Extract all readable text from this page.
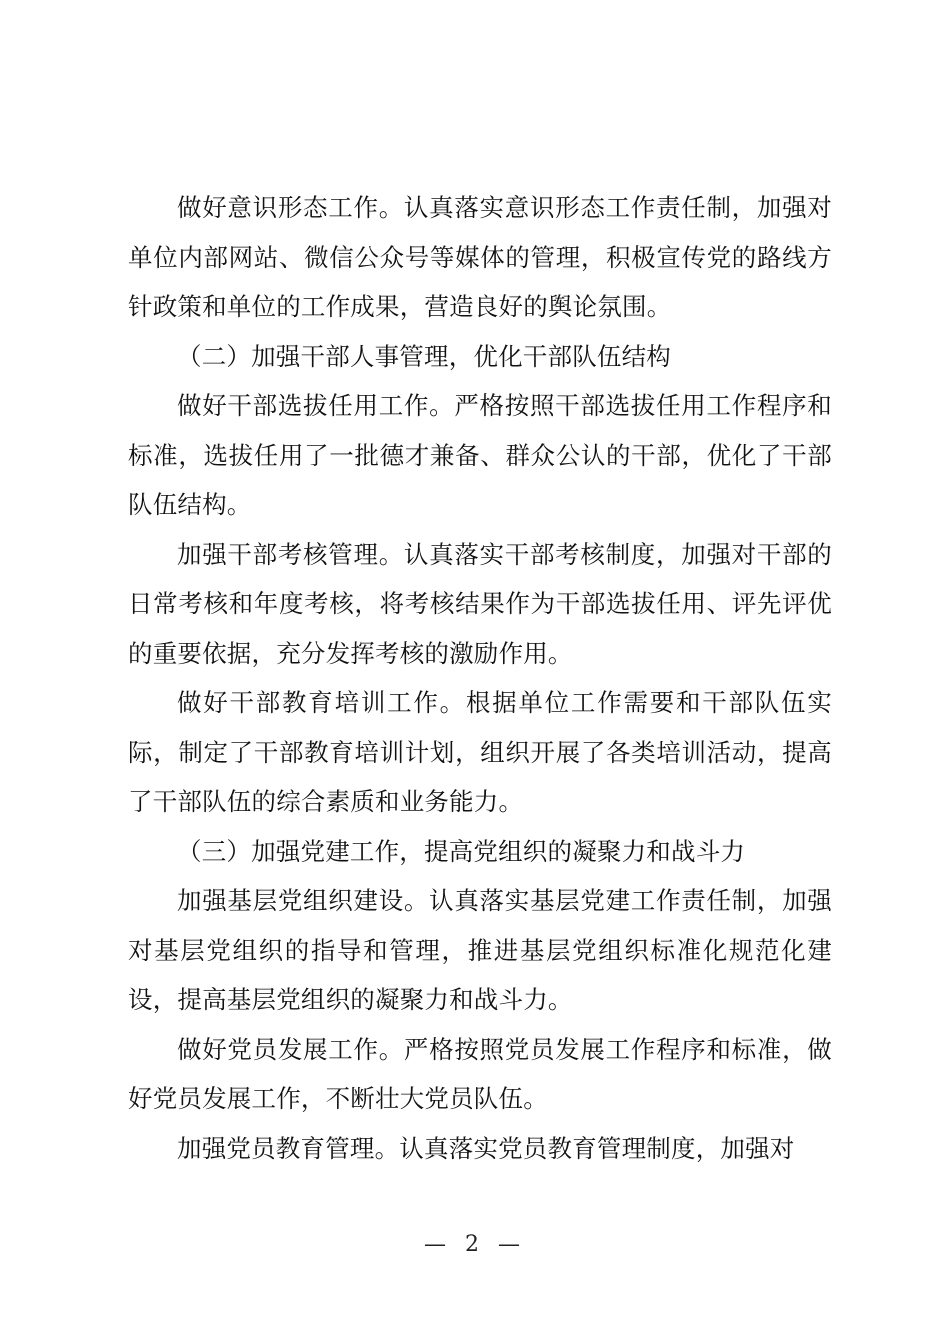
做好意识形态工作。认真落实意识形态工作责任制，加强对单位内部网站、微信公众号等媒体的管理，积极宣传党的路线方针政策和单位的工作成果，营造良好的舆论氛围。

（二）加强干部人事管理，优化干部队伍结构

做好干部选拔任用工作。严格按照干部选拔任用工作程序和标准，选拔任用了一批德才兼备、群众公认的干部，优化了干部队伍结构。

加强干部考核管理。认真落实干部考核制度，加强对干部的日常考核和年度考核，将考核结果作为干部选拔任用、评先评优的重要依据，充分发挥考核的激励作用。

做好干部教育培训工作。根据单位工作需要和干部队伍实际，制定了干部教育培训计划，组织开展了各类培训活动，提高了干部队伍的综合素质和业务能力。

（三）加强党建工作，提高党组织的凝聚力和战斗力

加强基层党组织建设。认真落实基层党建工作责任制，加强对基层党组织的指导和管理，推进基层党组织标准化规范化建设，提高基层党组织的凝聚力和战斗力。

做好党员发展工作。严格按照党员发展工作程序和标准，做好党员发展工作，不断壮大党员队伍。

加强党员教育管理。认真落实党员教育管理制度，加强对

— 2 —
